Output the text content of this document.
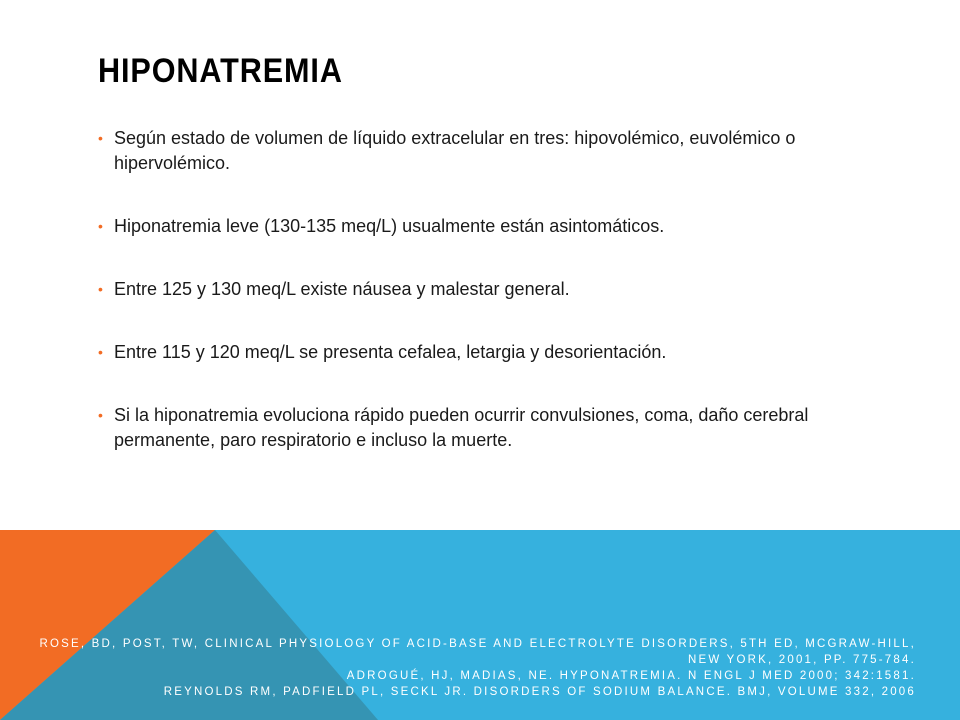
HIPONATREMIA
• Según estado de volumen de líquido extracelular en tres: hipovolémico, euvolémico o hipervolémico.
• Hiponatremia leve (130-135 meq/L) usualmente están asintomáticos.
• Entre 125 y 130 meq/L existe náusea y malestar general.
• Entre 115 y 120 meq/L se presenta cefalea, letargia y desorientación.
• Si la hiponatremia evoluciona rápido pueden ocurrir convulsiones, coma, daño cerebral permanente, paro respiratorio e incluso la muerte.

ROSE, BD, POST, TW, CLINICAL PHYSIOLOGY OF ACID-BASE AND ELECTROLYTE DISORDERS, 5TH ED, MCGRAW-HILL, NEW YORK, 2001, PP. 775-784.
ADROGUÉ, HJ, MADIAS, NE. HYPONATREMIA. N ENGL J MED 2000; 342:1581.
REYNOLDS RM, PADFIELD PL, SECKL JR. DISORDERS OF SODIUM BALANCE. BMJ, VOLUME 332, 2006
